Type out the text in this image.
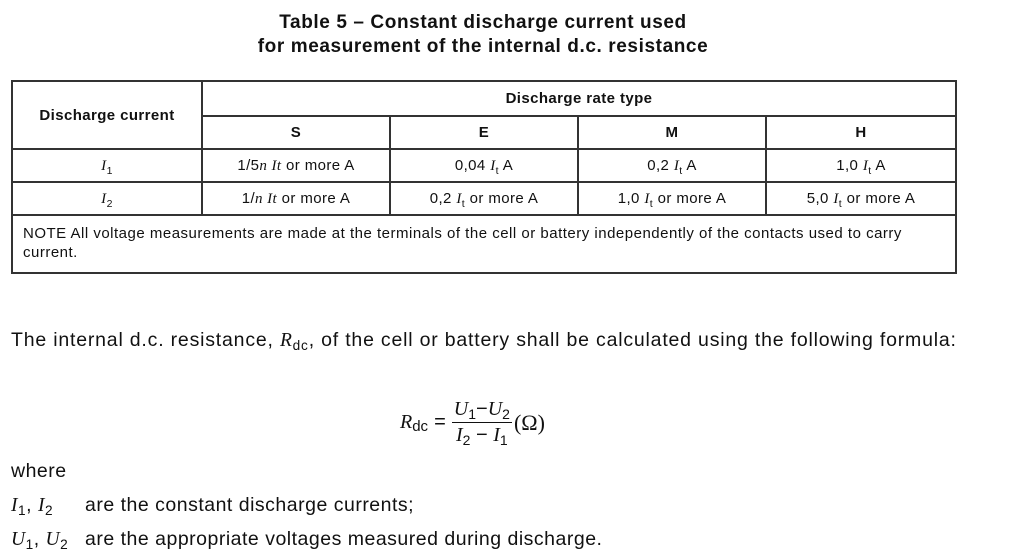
Table 5 – Constant discharge current used
for measurement of the internal d.c. resistance
Discharge current	Discharge rate type			
	S	E	M	H
$I_1$	1/5n It or more A	0,04 $I_t$ A	0,2 $I_t$ A	1,0 $I_t$ A
$I_2$	1/n It or more A	0,2 $I_t$ or more A	1,0 $I_t$ or more A	5,0 $I_t$ or more A
NOTE All voltage measurements are made at the terminals of the cell or battery independently of the contacts used to carry current.				
The internal d.c. resistance, $R_{dc}$, of the cell or battery shall be calculated using the following formula:
$R_{dc} = \frac{U_1-U_2}{I_2 - I_1} (\Omega)$
where
$I_1$, $I_2$	are the constant discharge currents;
$U_1$, $U_2$ are the appropriate voltages measured during discharge.
